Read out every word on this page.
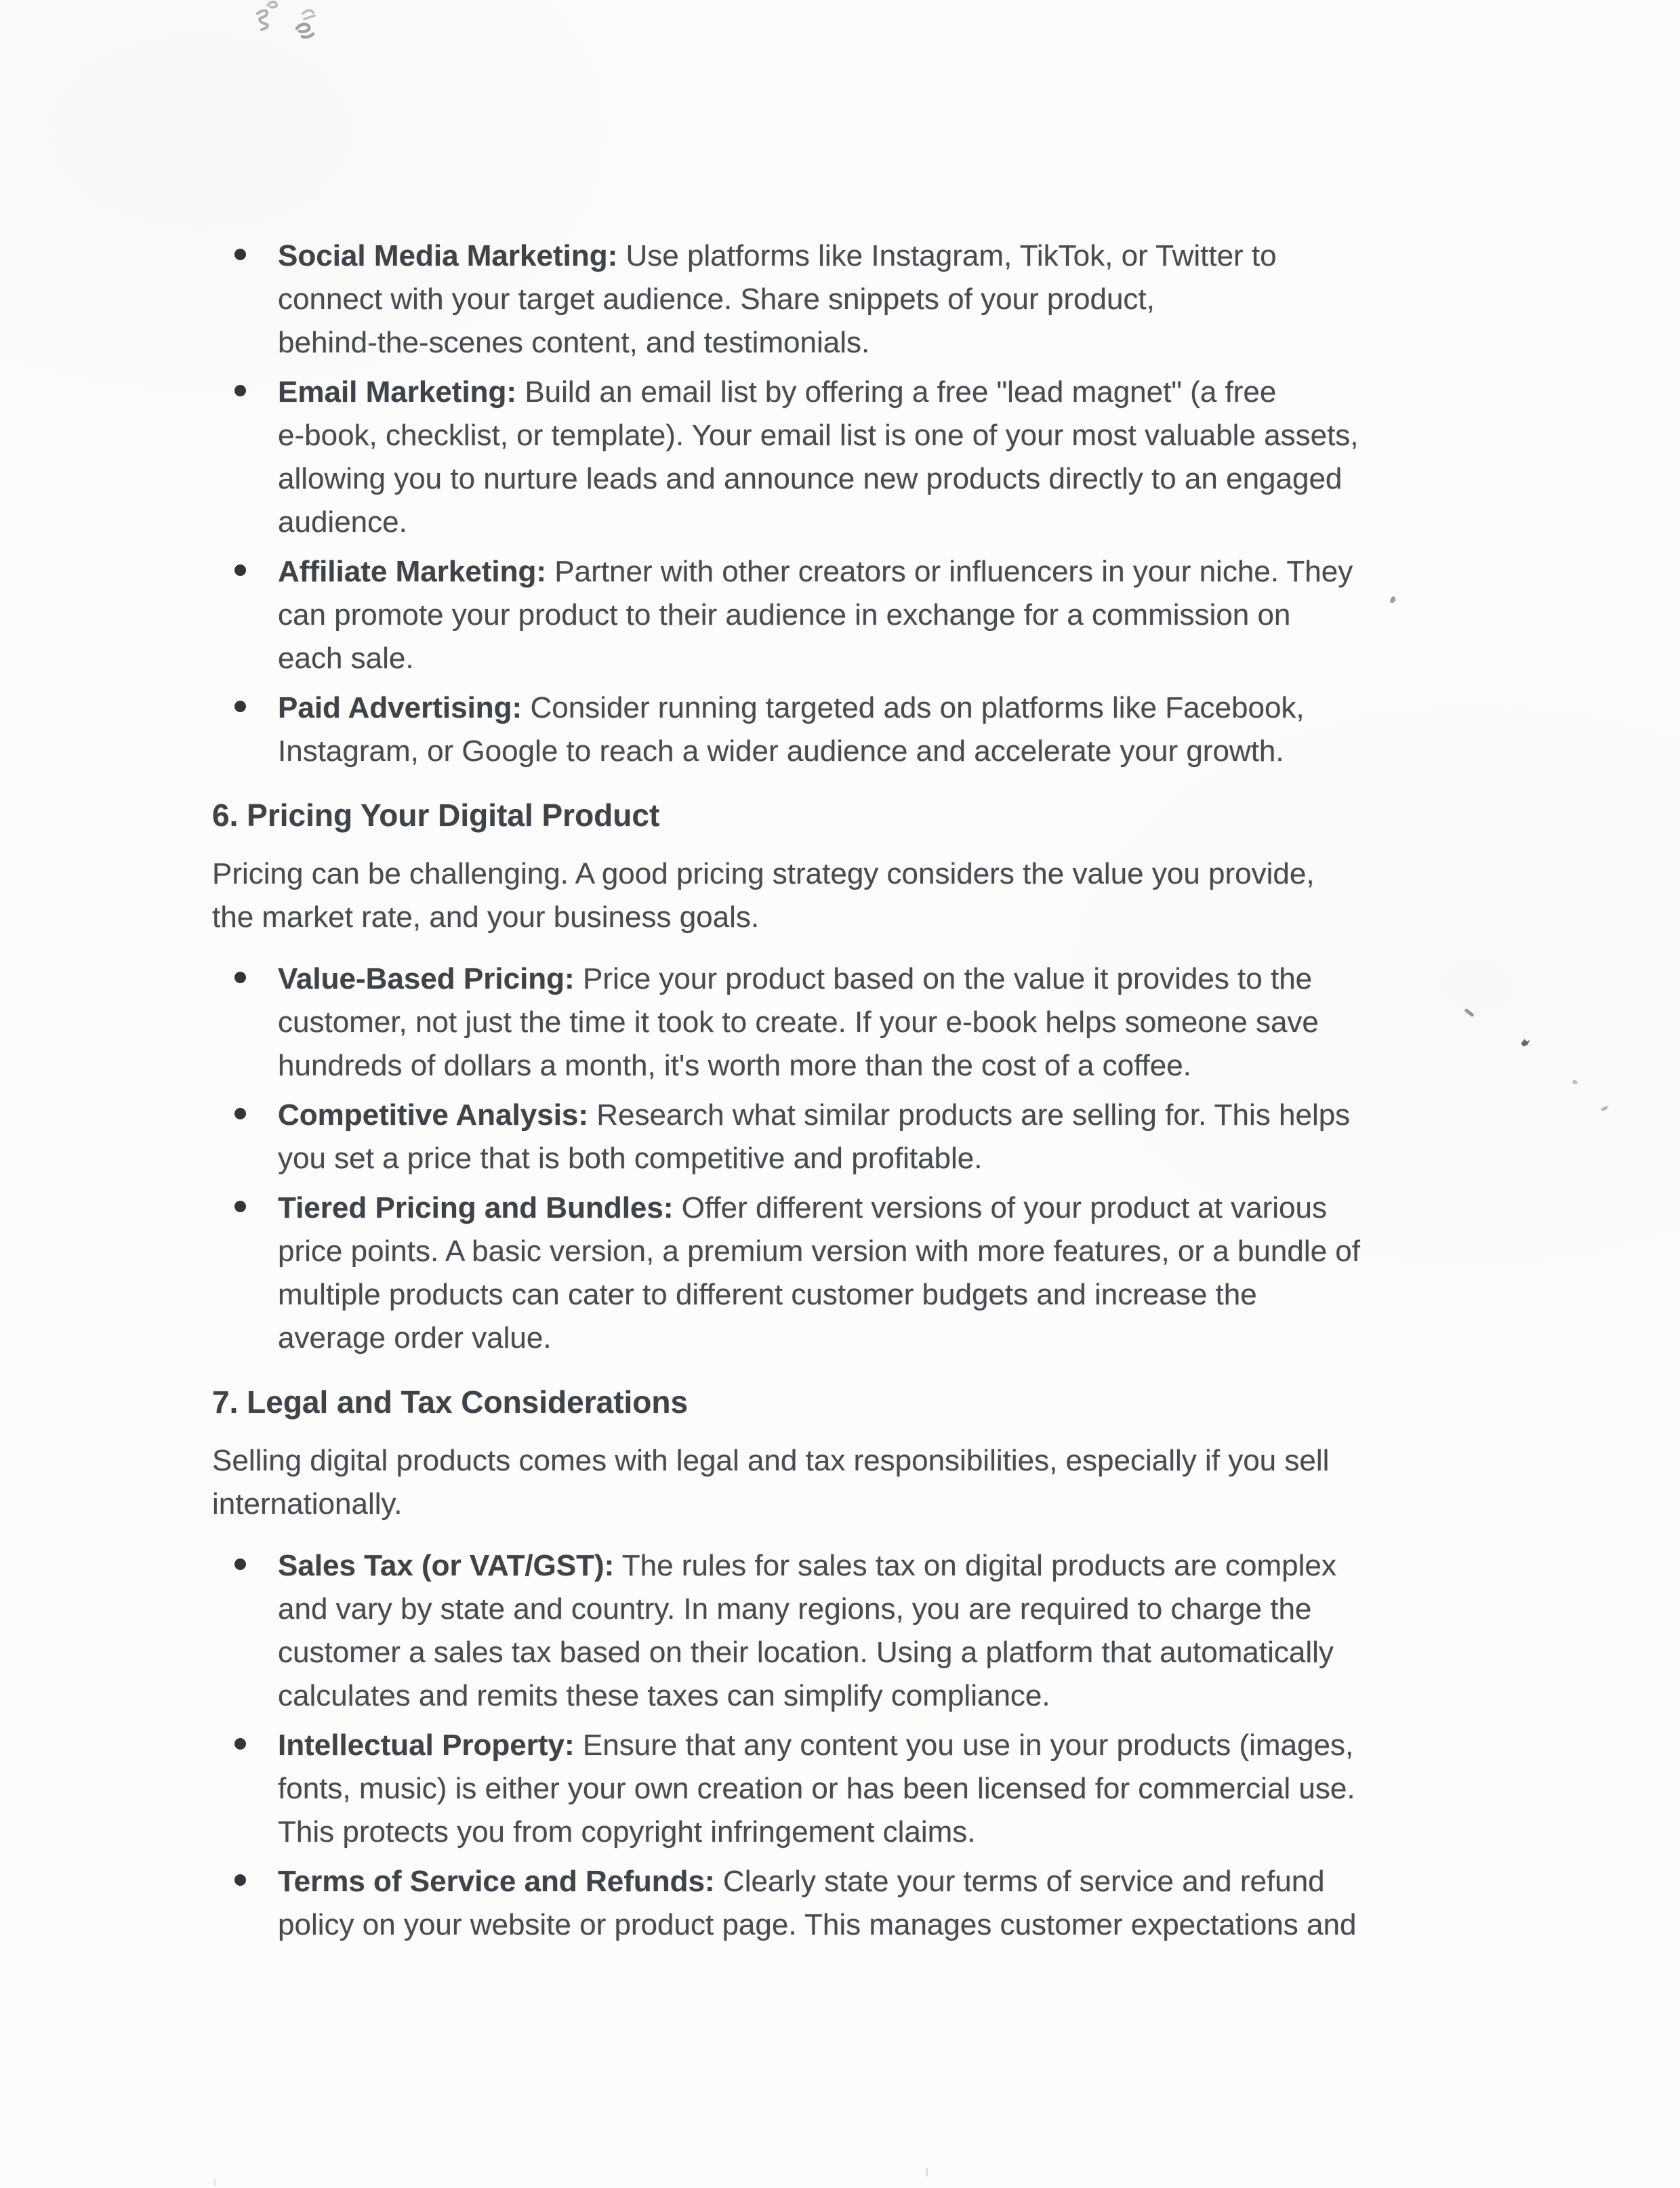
Social Media Marketing: Use platforms like Instagram, TikTok, or Twitter to
connect with your target audience. Share snippets of your product,
behind-the-scenes content, and testimonials.
Email Marketing: Build an email list by offering a free "lead magnet" (a free
e-book, checklist, or template). Your email list is one of your most valuable assets,
allowing you to nurture leads and announce new products directly to an engaged
audience.
Affiliate Marketing: Partner with other creators or influencers in your niche. They
can promote your product to their audience in exchange for a commission on
each sale.
Paid Advertising: Consider running targeted ads on platforms like Facebook,
Instagram, or Google to reach a wider audience and accelerate your growth.
6. Pricing Your Digital Product

Pricing can be challenging. A good pricing strategy considers the value you provide,
the market rate, and your business goals.

Value-Based Pricing: Price your product based on the value it provides to the
customer, not just the time it took to create. If your e-book helps someone save
hundreds of dollars a month, it's worth more than the cost of a coffee.
Competitive Analysis: Research what similar products are selling for. This helps
you set a price that is both competitive and profitable.
Tiered Pricing and Bundles: Offer different versions of your product at various
price points. A basic version, a premium version with more features, or a bundle of
multiple products can cater to different customer budgets and increase the
average order value.
7. Legal and Tax Considerations

Selling digital products comes with legal and tax responsibilities, especially if you sell
internationally.

Sales Tax (or VAT/GST): The rules for sales tax on digital products are complex
and vary by state and country. In many regions, you are required to charge the
customer a sales tax based on their location. Using a platform that automatically
calculates and remits these taxes can simplify compliance.
Intellectual Property: Ensure that any content you use in your products (images,
fonts, music) is either your own creation or has been licensed for commercial use.
This protects you from copyright infringement claims.
Terms of Service and Refunds: Clearly state your terms of service and refund
policy on your website or product page. This manages customer expectations and
